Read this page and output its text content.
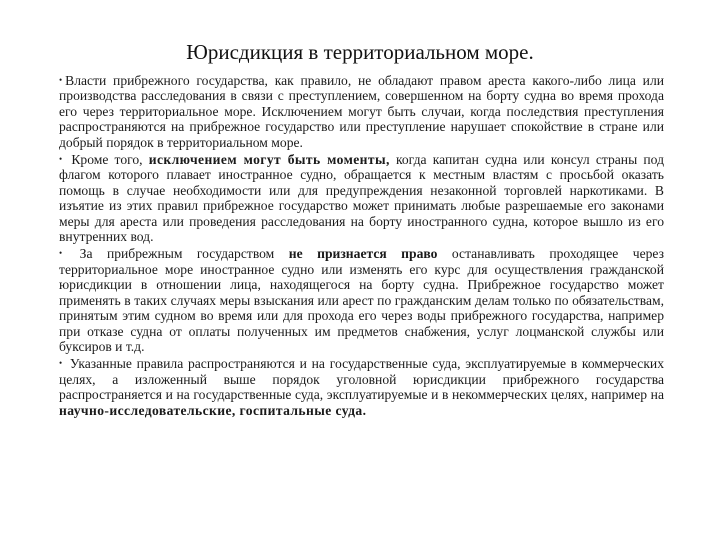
Юрисдикция в территориальном море.

• Власти прибрежного государства, как правило, не обладают правом ареста какого-либо лица или производства расследования в связи с преступлением, совершенном на борту судна во время прохода его через территориальное море. Исключением могут быть случаи, когда последствия преступления распространяются на прибрежное государство или преступление нарушает спокойствие в стране или добрый порядок в территориальном море.

• Кроме того, исключением могут быть моменты, когда капитан судна или консул страны под флагом которого плавает иностранное судно, обращается к местным властям с просьбой оказать помощь в случае необходимости или для предупреждения незаконной торговлей наркотиками. В изъятие из этих правил прибрежное государство может принимать любые разрешаемые его законами меры для ареста или проведения расследования на борту иностранного судна, которое вышло из его внутренних вод.

• За прибрежным государством не признается право останавливать проходящее через территориальное море иностранное судно или изменять его курс для осуществления гражданской юрисдикции в отношении лица, находящегося на борту судна. Прибрежное государство может применять в таких случаях меры взыскания или арест по гражданским делам только по обязательствам, принятым этим судном во время или для прохода его через воды прибрежного государства, например при отказе судна от оплаты полученных им предметов снабжения, услуг лоцманской службы или буксиров и т.д.

• Указанные правила распространяются и на государственные суда, эксплуатируемые в коммерческих целях, а изложенный выше порядок уголовной юрисдикции прибрежного государства распространяется и на государственные суда, эксплуатируемые и в некоммерческих целях, например на научно-исследовательские, госпитальные суда.
